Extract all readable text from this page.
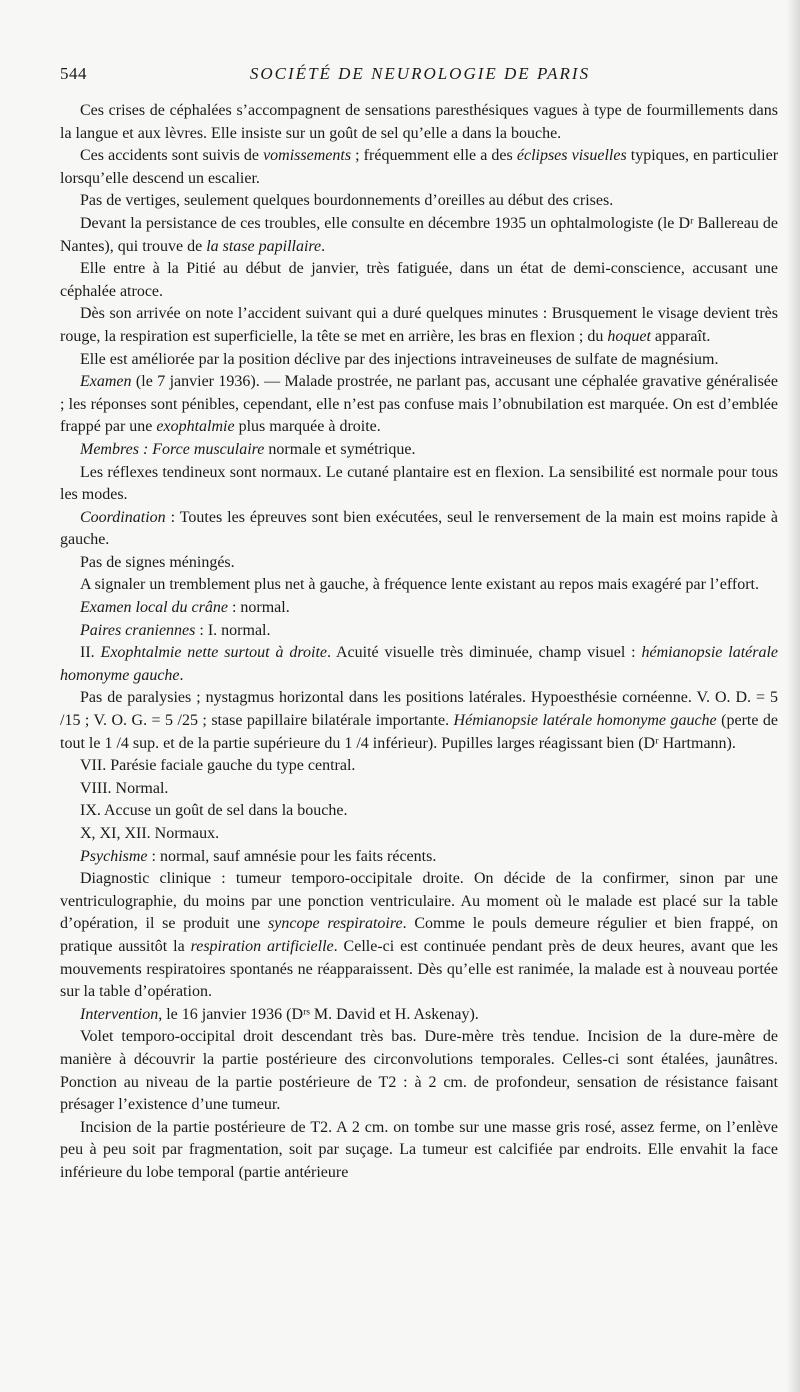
544	SOCIÉTÉ DE NEUROLOGIE DE PARIS

Ces crises de céphalées s’accompagnent de sensations paresthésiques vagues à type de fourmillements dans la langue et aux lèvres. Elle insiste sur un goût de sel qu’elle a dans la bouche.

Ces accidents sont suivis de vomissements ; fréquemment elle a des éclipses visuelles typiques, en particulier lorsqu’elle descend un escalier.

Pas de vertiges, seulement quelques bourdonnements d’oreilles au début des crises.

Devant la persistance de ces troubles, elle consulte en décembre 1935 un ophtalmologiste (le Dʳ Ballereau de Nantes), qui trouve de la stase papillaire.

Elle entre à la Pitié au début de janvier, très fatiguée, dans un état de demi-conscience, accusant une céphalée atroce.

Dès son arrivée on note l’accident suivant qui a duré quelques minutes : Brusquement le visage devient très rouge, la respiration est superficielle, la tête se met en arrière, les bras en flexion ; du hoquet apparaît.

Elle est améliorée par la position déclive par des injections intraveineuses de sulfate de magnésium.

Examen (le 7 janvier 1936). — Malade prostrée, ne parlant pas, accusant une céphalée gravative généralisée ; les réponses sont pénibles, cependant, elle n’est pas confuse mais l’obnubilation est marquée. On est d’emblée frappé par une exophtalmie plus marquée à droite.

Membres : Force musculaire normale et symétrique.

Les réflexes tendineux sont normaux. Le cutané plantaire est en flexion. La sensibilité est normale pour tous les modes.

Coordination : Toutes les épreuves sont bien exécutées, seul le renversement de la main est moins rapide à gauche.

Pas de signes méningés.

A signaler un tremblement plus net à gauche, à fréquence lente existant au repos mais exagéré par l’effort.

Examen local du crâne : normal.

Paires craniennes : I. normal.

II. Exophtalmie nette surtout à droite. Acuité visuelle très diminuée, champ visuel : hémianopsie latérale homonyme gauche.

Pas de paralysies ; nystagmus horizontal dans les positions latérales. Hypoesthésie cornéenne. V. O. D. = 5 /15 ; V. O. G. = 5 /25 ; stase papillaire bilatérale importante. Hémianopsie latérale homonyme gauche (perte de tout le 1 /4 sup. et de la partie supérieure du 1 /4 inférieur). Pupilles larges réagissant bien (Dʳ Hartmann).

VII. Parésie faciale gauche du type central.

VIII. Normal.

IX. Accuse un goût de sel dans la bouche.

X, XI, XII. Normaux.

Psychisme : normal, sauf amnésie pour les faits récents.

Diagnostic clinique : tumeur temporo-occipitale droite. On décide de la confirmer, sinon par une ventriculographie, du moins par une ponction ventriculaire. Au moment où le malade est placé sur la table d’opération, il se produit une syncope respiratoire. Comme le pouls demeure régulier et bien frappé, on pratique aussitôt la respiration artificielle. Celle-ci est continuée pendant près de deux heures, avant que les mouvements respiratoires spontanés ne réapparaissent. Dès qu’elle est ranimée, la malade est à nouveau portée sur la table d’opération.

Intervention, le 16 janvier 1936 (Dʳˢ M. David et H. Askenay).

Volet temporo-occipital droit descendant très bas. Dure-mère très tendue. Incision de la dure-mère de manière à découvrir la partie postérieure des circonvolutions temporales. Celles-ci sont étalées, jaunâtres. Ponction au niveau de la partie postérieure de T2 : à 2 cm. de profondeur, sensation de résistance faisant présager l’existence d’une tumeur.

Incision de la partie postérieure de T2. A 2 cm. on tombe sur une masse gris rosé, assez ferme, on l’enlève peu à peu soit par fragmentation, soit par suçage. La tumeur est calcifiée par endroits. Elle envahit la face inférieure du lobe temporal (partie antérieure
